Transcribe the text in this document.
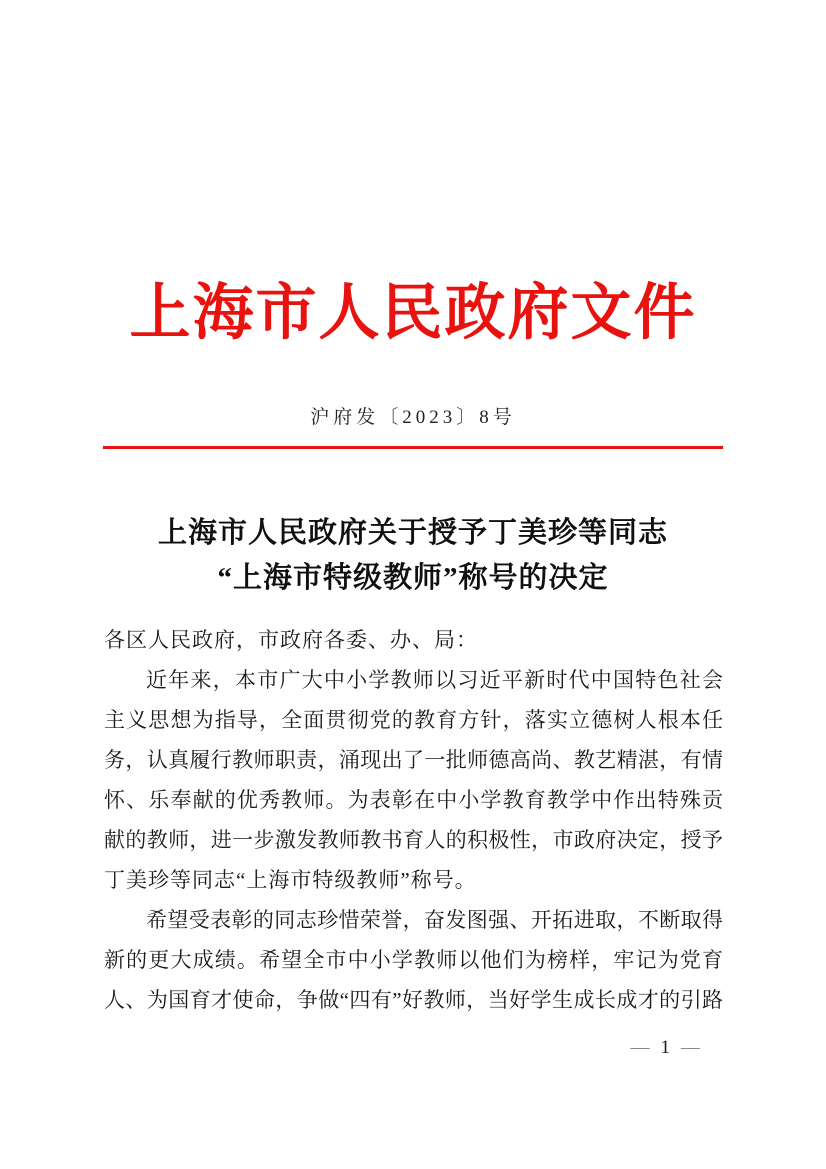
上海市人民政府文件
沪府发〔2023〕8号
上海市人民政府关于授予丁美珍等同志
“上海市特级教师”称号的决定
各区人民政府，市政府各委、办、局：
近年来，本市广大中小学教师以习近平新时代中国特色社会
主义思想为指导，全面贯彻党的教育方针，落实立德树人根本任
务，认真履行教师职责，涌现出了一批师德高尚、教艺精湛，有情
怀、乐奉献的优秀教师。为表彰在中小学教育教学中作出特殊贡
献的教师，进一步激发教师教书育人的积极性，市政府决定，授予
丁美珍等同志“上海市特级教师”称号。
希望受表彰的同志珍惜荣誉，奋发图强、开拓进取，不断取得
新的更大成绩。希望全市中小学教师以他们为榜样，牢记为党育
人、为国育才使命，争做“四有”好教师，当好学生成长成才的引路
— 1 —
